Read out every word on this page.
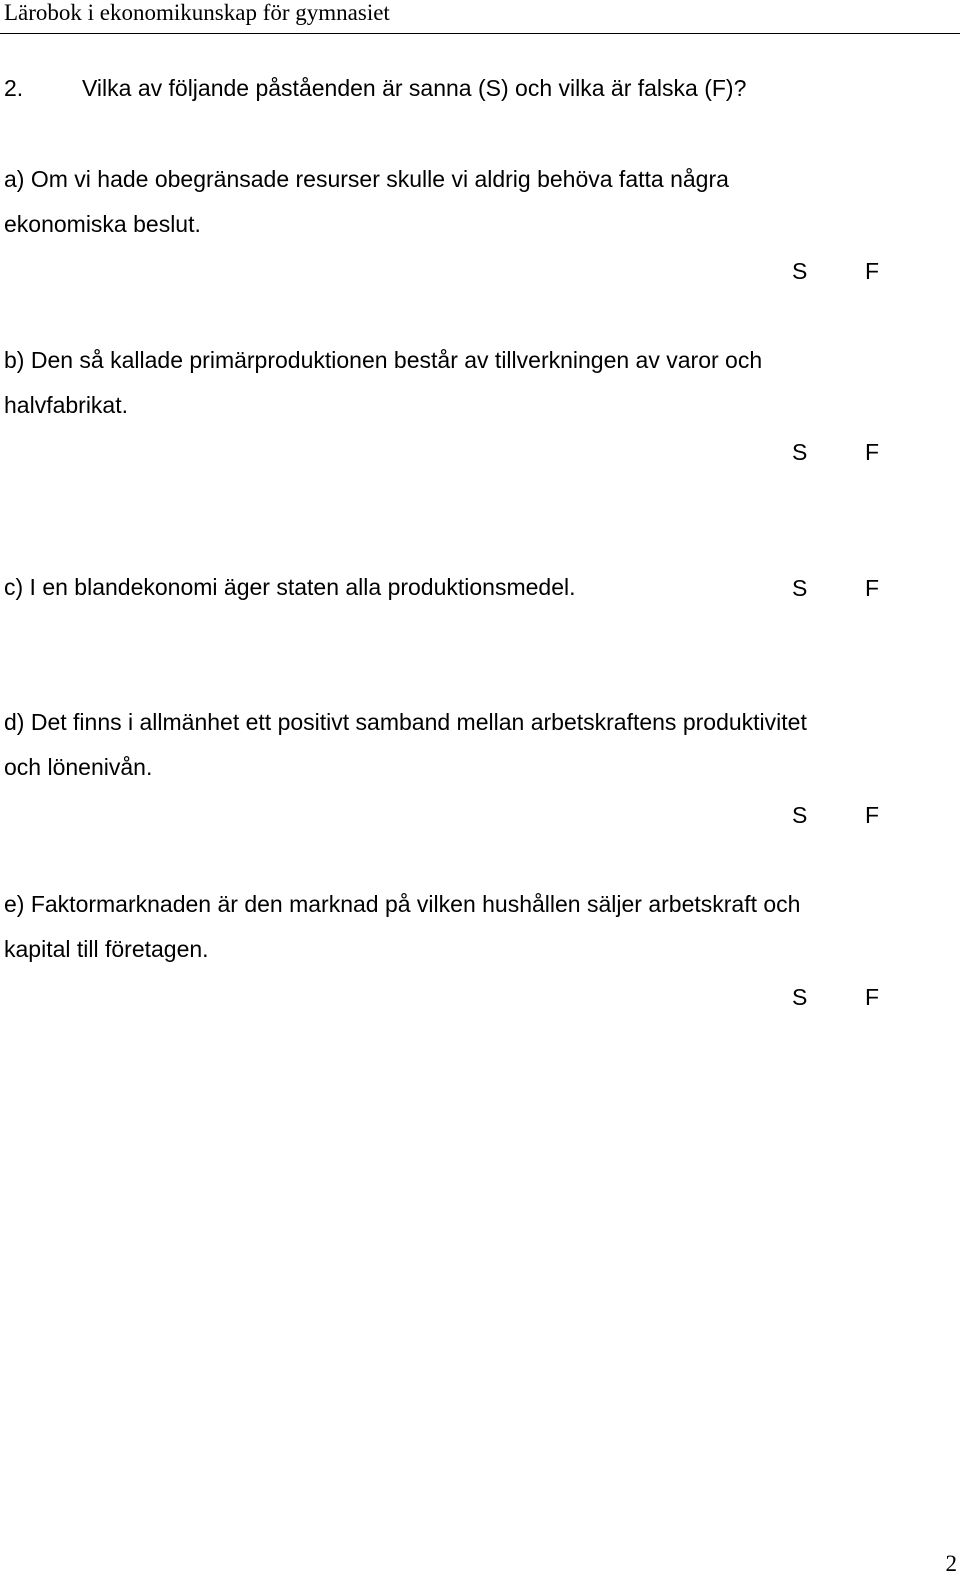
Lärobok i ekonomikunskap för gymnasiet
2.	Vilka av följande påståenden är sanna (S) och vilka är falska (F)?
a) Om vi hade obegränsade resurser skulle vi aldrig behöva fatta några
ekonomiska beslut.
S	F
b) Den så kallade primärproduktionen består av tillverkningen av varor och
halvfabrikat.
S	F
c) I en blandekonomi äger staten alla produktionsmedel.	S	F
d) Det finns i allmänhet ett positivt samband mellan arbetskraftens produktivitet
och lönenivån.
S	F
e) Faktormarknaden är den marknad på vilken hushållen säljer arbetskraft och
kapital till företagen.
S	F
2
